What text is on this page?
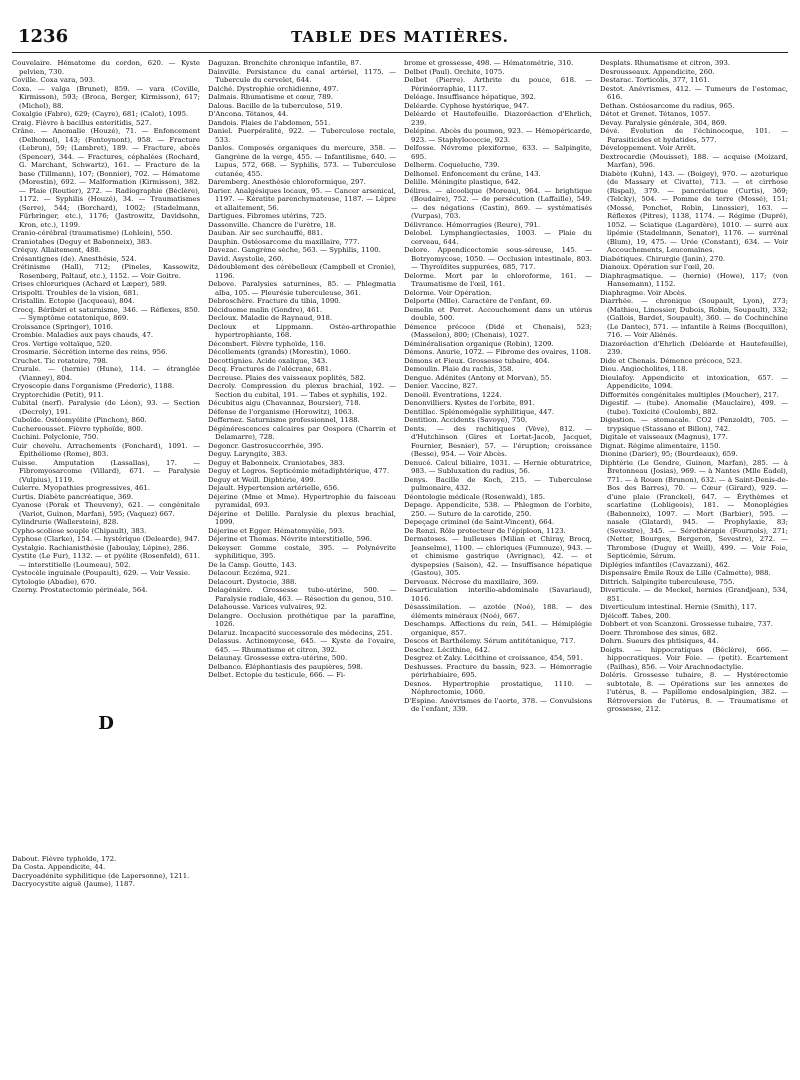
1236	TABLE DES MATIÈRES.

Couvelaire. Hématome du cordon, 620. — Kyste pelvien, 730.

Coville. Coxa vara, 593.

Coxa. — valga (Brunet), 859. — vara (Coville, Kirmisson), 593; (Broca, Berger, Kirmisson), 617; (Michel), 88.

Coxalgie (Fabre), 629; (Cayre), 681; (Calot), 1095.

Craig. Fièvre à bacillus enteritidis, 527.

Crâne. — Anomalie (Houzé), 71. — Enfoncement (Delhomel), 143; (Fontoynont), 958. — Fracture (Lebrun), 59; (Lambret), 189. — Fracture, abcès (Spencer), 344. — Fractures, céphalées (Rochard, G. Marchant, Schwartz), 161. — Fracture de la base (Tillmann), 107; (Bonnier), 702. — Hématome (Morestin), 692. — Malformation (Kirmisson), 382. — Plaie (Routier), 272. — Radiographie (Béclère), 1172. — Syphilis (Houzé), 34. — Traumatismes (Serre), 544; (Borchard), 1002; (Stadelmann, Fürbringer, etc.), 1176; (Jastrowitz, Davidsohn, Kron, etc.), 1199.

Cranio-cérébral (traumatisme) (Lohlein), 550.

Craniotabes (Deguy et Babonneix), 383.

Créquy. Allaitement, 488.

Crésantignes (de). Anesthésie, 524.

Crétinisme (Hall), 712; (Pineles, Kassowitz, Rosenberg, Paltauf, etc.), 1152. — Voir Goitre.

Crises chloruriques (Achard et Læper), 589.

Crispolti. Troubles de la vision, 681.

Cristallin. Ectopie (Jacqueau), 804.

Crocq. Béribéri et saturnisme, 346. — Réflexes, 850. — Symptôme catatonique, 869.

Croissance (Springer), 1016.

Crombie. Maladies aux pays chauds, 47.

Cros. Vertige voltaïque, 520.

Crosmarie. Sécrétion interne des reins, 956.

Cruchet. Tic rotatoire, 798.

Crurale. — (hernie) (Hune), 114. — étranglée (Vianney), 804.

Cryoscopie dans l'organisme (Frederic), 1188.

Cryptorchidie (Petit), 911.

Cubital (nerf). Paralysie (de Léon), 93. — Section (Decroly), 191.

Cuboïde. Ostéomyélite (Pinchon), 860.

Cuchereousset. Fièvre typhoïde, 800.

Cuchini. Polyclonie, 750.

Cuir chevelu. Arrachements (Fonchard), 1091. — Épithéliome (Rome), 803.

Cuisse. Amputation (Lassallas), 17. — Fibromyosarcome (Villard), 671. — Paralysie (Vulpius), 1119.

Culerre. Myopathies progressives, 461.

Curtis. Diabète pancréatique, 369.

Cyanose (Porak et Theuveny), 621. — congénitale (Variot, Guinon, Marfan), 595; (Vaquez) 667.

Cylindrurie (Wallerstein), 828.

Cypho-scoliose souple (Chipault), 383.

Cyphose (Clarke), 154. — hystérique (Delearde), 947.

Cystalgie. Rachianisthésie (Jaboulay, Lépine), 286.

Cystite (Le Fur), 1132. — et pyélite (Rosenfeld), 611. — interstitielle (Loumeau), 502.

Cystocèle inguinale (Poupault), 629. — Voir Vessie.

Cytologie (Abadie), 670.

Czerny. Prostatectomie périnéale, 564.

D

Dabout. Fièvre typhoïde, 172.

Da Costa. Appendicite, 44.

Dacryoadénite syphilitique (de Lapersonne), 1211.

Dacryocystite aiguë (Jaume), 1187.

Daguzan. Bronchite chronique infantile, 87.

Dainville. Persistance du canal artériel, 1175. — Tubercule du cervelet, 644.

Dalché. Dystrophie orchidienne, 497.

Dalmais. Rhumatisme et cœur, 789.

Dalous. Bacille de la tuberculose, 519.

D'Ancona. Tétanos, 44.

Dandois. Plaies de l'abdomen, 551.

Daniel. Puerpéralité, 922. — Tuberculose rectale, 533.

Danlos. Composés organiques du mercure, 358. — Gangrène de la verge, 455. — Infantilisme, 640. — Lupus, 572, 668. — Syphilis, 573. — Tuberculose cutanée, 455.

Daremberg. Anesthésie chloroformique, 297.

Darier. Analgésiques locaux, 95. — Cancer arsenical, 1197. — Kératite parenchymateuse, 1187. — Lèpre et allaitement, 56.

Dartigues. Fibromes utérins, 725.

Dassonville. Chancre de l'urètre, 18.

Dauban. Air sec surchauffé, 881.

Dauphin. Ostéosarcome du maxillaire, 777.

Davezac. Gangrène sèche, 563. — Syphilis, 1100.

David. Asystolie, 260.

Dédoublement des cérébelleux (Campbell et Cronie), 1196.

Debove. Paralysies saturnines, 85. — Phlegmatia alba, 105. — Pleurésie tuberculeuse, 361.

Debroschère. Fracture du tibia, 1090.

Déciduome malin (Gondre), 461.

Decloux. Maladie de Raynaud, 918.

Decloux et Lippmann. Ostéo-arthropathie hypertrophiante, 168.

Décombert. Fièvre typhoïde, 116.

Décollements (grands) (Morestin), 1060.

Decottignies. Acide oxalique, 343.

Decq. Fractures de l'olécrane, 681.

Decreuse. Plaies des vaisseaux poplités, 582.

Decroly. Compression du plexus brachial, 192. — Section du cubital, 191. — Tabes et syphilis, 192.

Décubitus aigu (Chavannaz, Boursier), 718.

Défense de l'organisme (Horowitz), 1063.

Deffernez. Saturnisme professionnel, 1188.

Dégénérescences calcaires par Oospora (Charrin et Delamarre), 728.

Degoncr. Gastrosuccorrhée, 395.

Deguy. Laryngite, 383.

Deguy et Babonneix. Craniotabes, 383.

Deguy et Legros. Septicémie métadiphtérique, 477.

Deguy et Weill. Diphtérie, 499.

Dejault. Hypertension artérielle, 656.

Déjerine (Mme et Mme). Hypertrophie du faisceau pyramidal, 693.

Déjerine et Delille. Paralysie du plexus brachial, 1099.

Déjerine et Egger. Hématomyélie, 593.

Déjerine et Thomas. Névrite interstitielle, 596.

Dekeyser. Gomme costale, 395. — Polynévrite syphilitique, 395.

De la Camp. Goutte, 143.

Delacour. Eczéma, 921.

Delacourt. Dystocie, 388.

Delagénière. Grossesse tubo-utérine, 500. — Paralysie radiale, 463. — Résection du genou, 510.

Delahousse. Varices vulvaires, 92.

Delangre. Occlusion prothétique par la paraffine, 1026.

Delaruz. Incapacité successorale des médecins, 251.

Delassus. Actinomycose, 645. — Kyste de l'ovaire, 645. — Rhumatisme et citron, 392.

Delaunay. Grossesse extra-utérine, 500.

Delbanco. Éléphantiasis des paupières, 598.

Delbet. Ectopie du testicule, 666. — Fi-

brome et grossesse, 498. — Hématométrie, 310.

Delbet (Paul). Orchite, 1075.

Delbet (Pierre). Arthrite du pouce, 618. — Périnéorraphie, 1117.

Deléage. Insuffisance hépatique, 392.

Deléarde. Cyphose hystérique, 947.

Deléarde et Hautefeuille. Diazoréaction d'Ehrlich, 239.

Delépine. Abcès du poumon, 923. — Hémopéricarde, 923. — Staphylococcie, 923.

Delfosse. Névrome plexiforme, 633. — Salpingite, 695.

Delherm. Coqueluche, 739.

Delhomel. Enfoncement du crâne, 143.

Delille. Méningite plastique, 642.

Délires. — alcoolique (Moreau), 964. — brightique (Boudaire), 752. — de persécution (Laffaille), 549. — des négations (Castin), 869. — systématisés (Vurpas), 703.

Délivrance. Hémorragies (Reure), 791.

Delobel. Lymphangiectasies, 1003. — Plaie du cerveau, 644.

Delore. Appendicectomie sous-séreuse, 145. — Botryomycose, 1050. — Occlusion intestinale, 803. — Thyroïdites suppurées, 685, 717.

Delorme. Mort par le chloroforme, 161. — Traumatisme de l'œil, 161.

Delorme. Voir Opération.

Delporte (Mlle). Caractère de l'enfant, 69.

Demelin et Perret. Accouchement dans un utérus double, 500.

Démence précoce (Didé et Chenais), 523; (Masselon), 800; (Chenais), 1027.

Déminéralisation organique (Robin), 1209.

Démons. Anurie, 1072. — Fibrome des ovaires, 1108.

Démons et Fieux. Grossesse tubaire, 404.

Demoulin. Plaie du rachis, 358.

Dengue. Adénites (Antony et Morvan), 55.

Denier. Vaccine, 827.

Denoël. Éventrations, 1224.

Denonvilliers. Kystes de l'orbite, 891.

Dentillac. Splénomégalie syphilitique, 447.

Dentition. Accidents (Savoye), 750.

Dents. — des rachitiques (Vève), 812. — d'Hutchinson (Gires et Lortat-Jacob, Jacquet, Fournier, Besnier), 57. — l'éruption; croissance (Besse), 954. — Voir Abcès.

Denucé. Calcul biliaire, 1031. — Hernie obturatrice, 983. — Subluxation du radius, 56.

Denys. Bacille de Koch, 215. — Tuberculose pulmonaire, 432.

Déontologie médicale (Rosenwald), 185.

Depage. Appendicite, 538. — Phlegmon de l'orbite, 250. — Suture de la carotide, 250.

Depeçage criminel (de Saint-Vincent), 664.

De Renzi. Rôle protecteur de l'épiploon, 1123.

Dermatoses. — bulleuses (Milian et Chiray, Brocq, Jeanselme), 1100. — chloriques (Fumouze), 943. — et chimisme gastrique (Avrignac), 42. — et dyspepsies (Saison), 42. — Insuffisance hépatique (Gastou), 305.

Derveaux. Nécrose du maxillaire, 369.

Désarticulation interilio-abdominale (Savariaud), 1016.

Désassimilation. — azotée (Noé), 188. — des éléments minéraux (Noé), 667.

Deschamps. Affections du rein, 541. — Hémiplégie organique, 857.

Descos et Barthélemy. Sérum antitétanique, 717.

Deschez. Lécithine, 642.

Desgrez et Zaky. Lécithine et croissance, 454, 591.

Deshusses. Fracture du bassin, 923. — Hémorragie périrhabiaire, 695.

Desnos. Hypertrophie prostatique, 1110. — Néphrectomie, 1060.

D'Espine. Anévrismes de l'aorte, 378. — Convulsions de l'enfant, 339.

Desplats. Rhumatisme et citron, 393.

Desrousseaux. Appendicite, 260.

Destarac. Torticolis, 377, 1161.

Destot. Anévrismes, 412. — Tumeurs de l'estomac, 616.

Dethan. Ostéosarcome du radius, 965.

Détot et Grenet. Tétanos, 1057.

Devay. Paralysie générale, 304, 869.

Dévé. Évolution de l'échinocoque, 101. — Parasiticides et hydatides, 577.

Développement. Voir Arrêt.

Dextrocardie (Mouisset), 188. — acquise (Moizard, Marfan), 596.

Diabète (Kuhn), 143. — (Boigey), 970. — azoturique (de Massary et Civatte), 713. — et cirrhose (Rispal), 379. — pancréatique (Curtis), 369; (Telcky), 504. — Pomme de terre (Mossé), 151; (Mossé, Ponchet, Robin, Linossier), 163. — Réflexes (Pitres), 1138, 1174. — Régime (Dupré), 1052. — Sciatique (Lagardère), 1010. — surré aux lipémie (Stadelmann, Senator), 1176. — surrénal (Blum), 19, 475. — Urée (Constant), 634. — Voir Accouchements, Leucomaïnes.

Diabétiques. Chirurgie (Janin), 270.

Dianoux. Opération sur l'œil, 20.

Diaphragmatique. — (hernie) (Howe), 117; (von Hansemann), 1152.

Diaphragme. Voir Abcès.

Diarrhée. — chronique (Soupault, Lyon), 273; (Mathieu, Linossier, Dubois, Robin, Soupault), 332; (Gallois, Bardet, Soupault), 360. — de Cochinchine (Le Dantec), 571. — infantile à Reims (Bocquillon), 716. — Voir Aliénés.

Diazoréaction d'Ehrlich (Deléarde et Hautefeuille), 239.

Dide et Chenais. Démence précoce, 523.

Dieu. Angiocholites, 118.

Dieulafoy. Appendicite et intoxication, 657. — Appendicite, 1094.

Difformités congénitales multiples (Moucher), 217.

Digestif. — (tube). Anomalie (Mauclaire), 499. — (tube). Toxicité (Coulomb), 882.

Digestion. — stomacale. CO2 (Penzoldt), 705. — trypsique (Stassano et Billon), 742.

Digitale et vaisseaux (Magnus), 177.

Dignat. Régime alimentaire, 1150.

Dionine (Darier), 95; (Bourdeaux), 659.

Diphtérie (Le Gendre, Guinon, Marfan), 285. — à Bretonneau (Josias), 969. — à Nantes (Mlle Éadel), 771. — à Rouen (Brunon), 632. — à Saint-Denis-de-Bos des Barres), 70. — Cœur (Girard), 929. — d'une plaie (Franckel), 647. — Érythèmes et scarlatine (Lobligeois), 181. — Monoplégies (Babonneix), 1097. — Mort (Barbier), 595. — nasale (Glatard), 945. — Prophylaxie, 83; (Sevestre), 345. — Sérothérapie (Fournols), 271; (Netter, Bourges, Bergeron, Sevestre), 272. — Thrombose (Duguy et Weill), 499. — Voir Foie, Septicémie, Sérum.

Diplégies infantiles (Cavazzani), 462.

Dispensaire Émile Roux de Lille (Calmette), 988.

Dittrich. Salpingite tuberculeuse, 755.

Diverticule. — de Meckel, hernies (Grandjean), 534, 851.

Diverticulum intestinal. Hernie (Smith), 117.

Djéicoff. Tabes, 200.

Dobbert et von Scanzoni. Grossesse tubaire, 737.

Doerr. Thrombose des sinus, 682.

Dohrn. Sueurs des phtisiques, 44.

Doigts. — hippocratiques (Béclère), 666. — hippocratiques. Voir Foie. — (petit). Écartement (Pailhas), 856. — Voir Arachnodactylie.

Doléris. Grossesse tubaire, 8. — Hystérectomie subtotale, 8. — Opérations sur les annexes de l'utérus, 8. — Papillome endosalpingien, 382. — Rétroversion de l'utérus, 8. — Traumatisme et grossesse, 212.
